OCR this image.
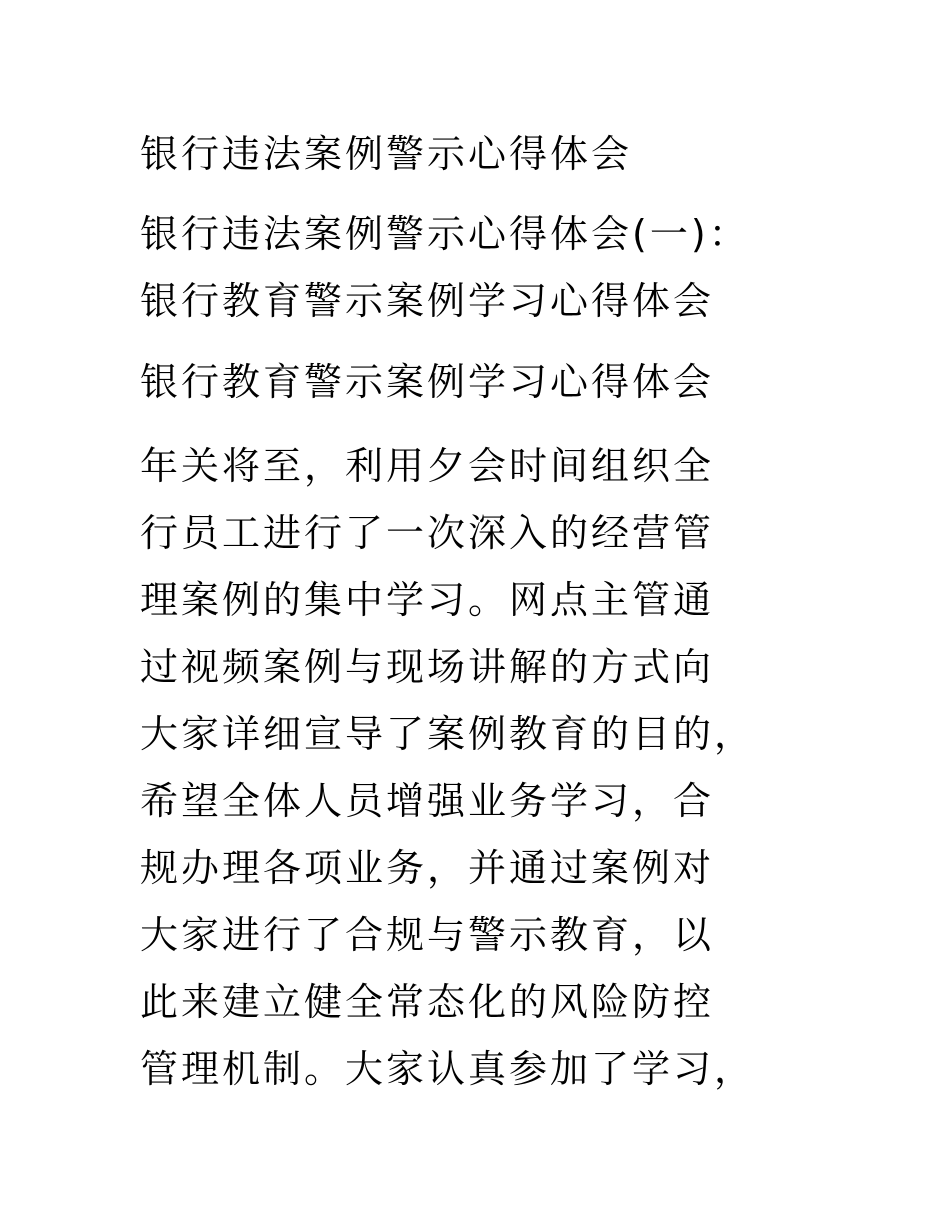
银行违法案例警示心得体会
银行违法案例警示心得体会(一)：
银行教育警示案例学习心得体会
银行教育警示案例学习心得体会

年关将至，利用夕会时间组织全
行员工进行了一次深入的经营管
理案例的集中学习。网点主管通
过视频案例与现场讲解的方式向
大家详细宣导了案例教育的目的，
希望全体人员增强业务学习，合
规办理各项业务，并通过案例对
大家进行了合规与警示教育，以
此来建立健全常态化的风险防控
管理机制。大家认真参加了学习，
